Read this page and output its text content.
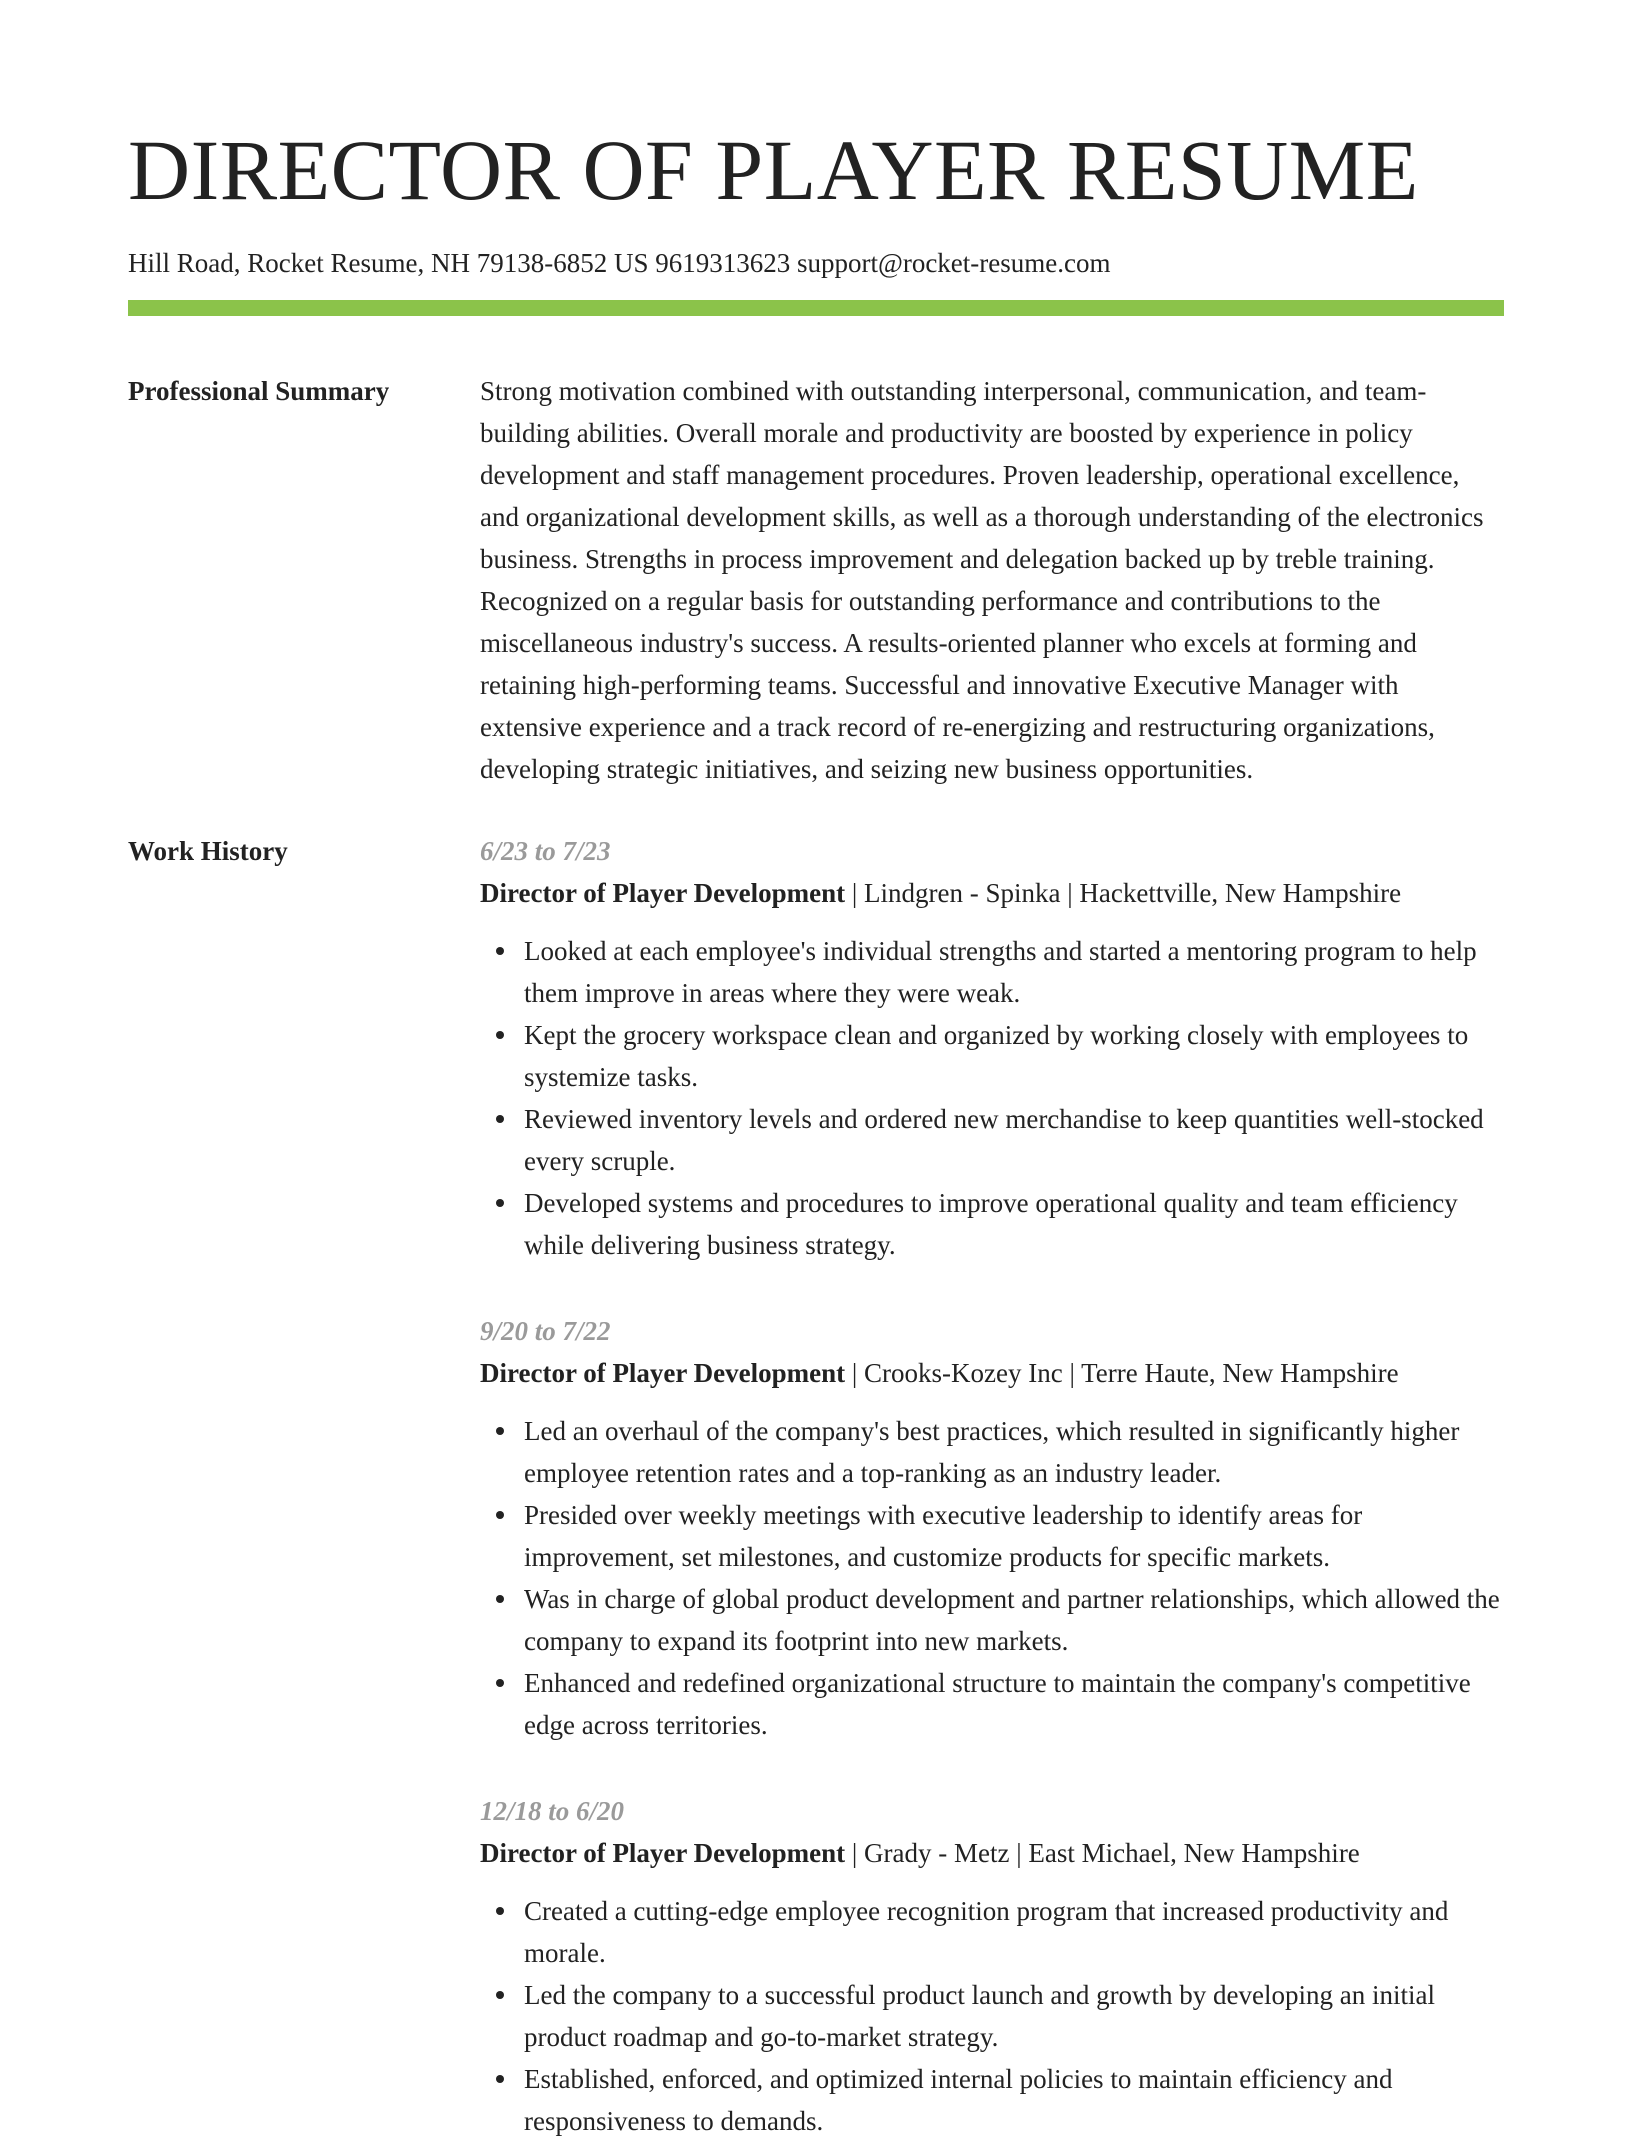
DIRECTOR OF PLAYER RESUME
Hill Road, Rocket Resume, NH 79138-6852 US 9619313623 support@rocket-resume.com
Professional Summary	Strong motivation combined with outstanding interpersonal, communication, and team-building abilities. Overall morale and productivity are boosted by experience in policy development and staff management procedures. Proven leadership, operational excellence, and organizational development skills, as well as a thorough understanding of the electronics business. Strengths in process improvement and delegation backed up by treble training. Recognized on a regular basis for outstanding performance and contributions to the miscellaneous industry's success. A results-oriented planner who excels at forming and retaining high-performing teams. Successful and innovative Executive Manager with extensive experience and a track record of re-energizing and restructuring organizations, developing strategic initiatives, and seizing new business opportunities.

Work History	6/23 to 7/23
Director of Player Development | Lindgren - Spinka | Hackettville, New Hampshire
Looked at each employee's individual strengths and started a mentoring program to help them improve in areas where they were weak.
Kept the grocery workspace clean and organized by working closely with employees to systemize tasks.
Reviewed inventory levels and ordered new merchandise to keep quantities well-stocked every scruple.
Developed systems and procedures to improve operational quality and team efficiency while delivering business strategy.
9/20 to 7/22
Director of Player Development | Crooks-Kozey Inc | Terre Haute, New Hampshire
Led an overhaul of the company's best practices, which resulted in significantly higher employee retention rates and a top-ranking as an industry leader.
Presided over weekly meetings with executive leadership to identify areas for improvement, set milestones, and customize products for specific markets.
Was in charge of global product development and partner relationships, which allowed the company to expand its footprint into new markets.
Enhanced and redefined organizational structure to maintain the company's competitive edge across territories.
12/18 to 6/20
Director of Player Development | Grady - Metz | East Michael, New Hampshire
Created a cutting-edge employee recognition program that increased productivity and morale.
Led the company to a successful product launch and growth by developing an initial product roadmap and go-to-market strategy.
Established, enforced, and optimized internal policies to maintain efficiency and responsiveness to demands.
